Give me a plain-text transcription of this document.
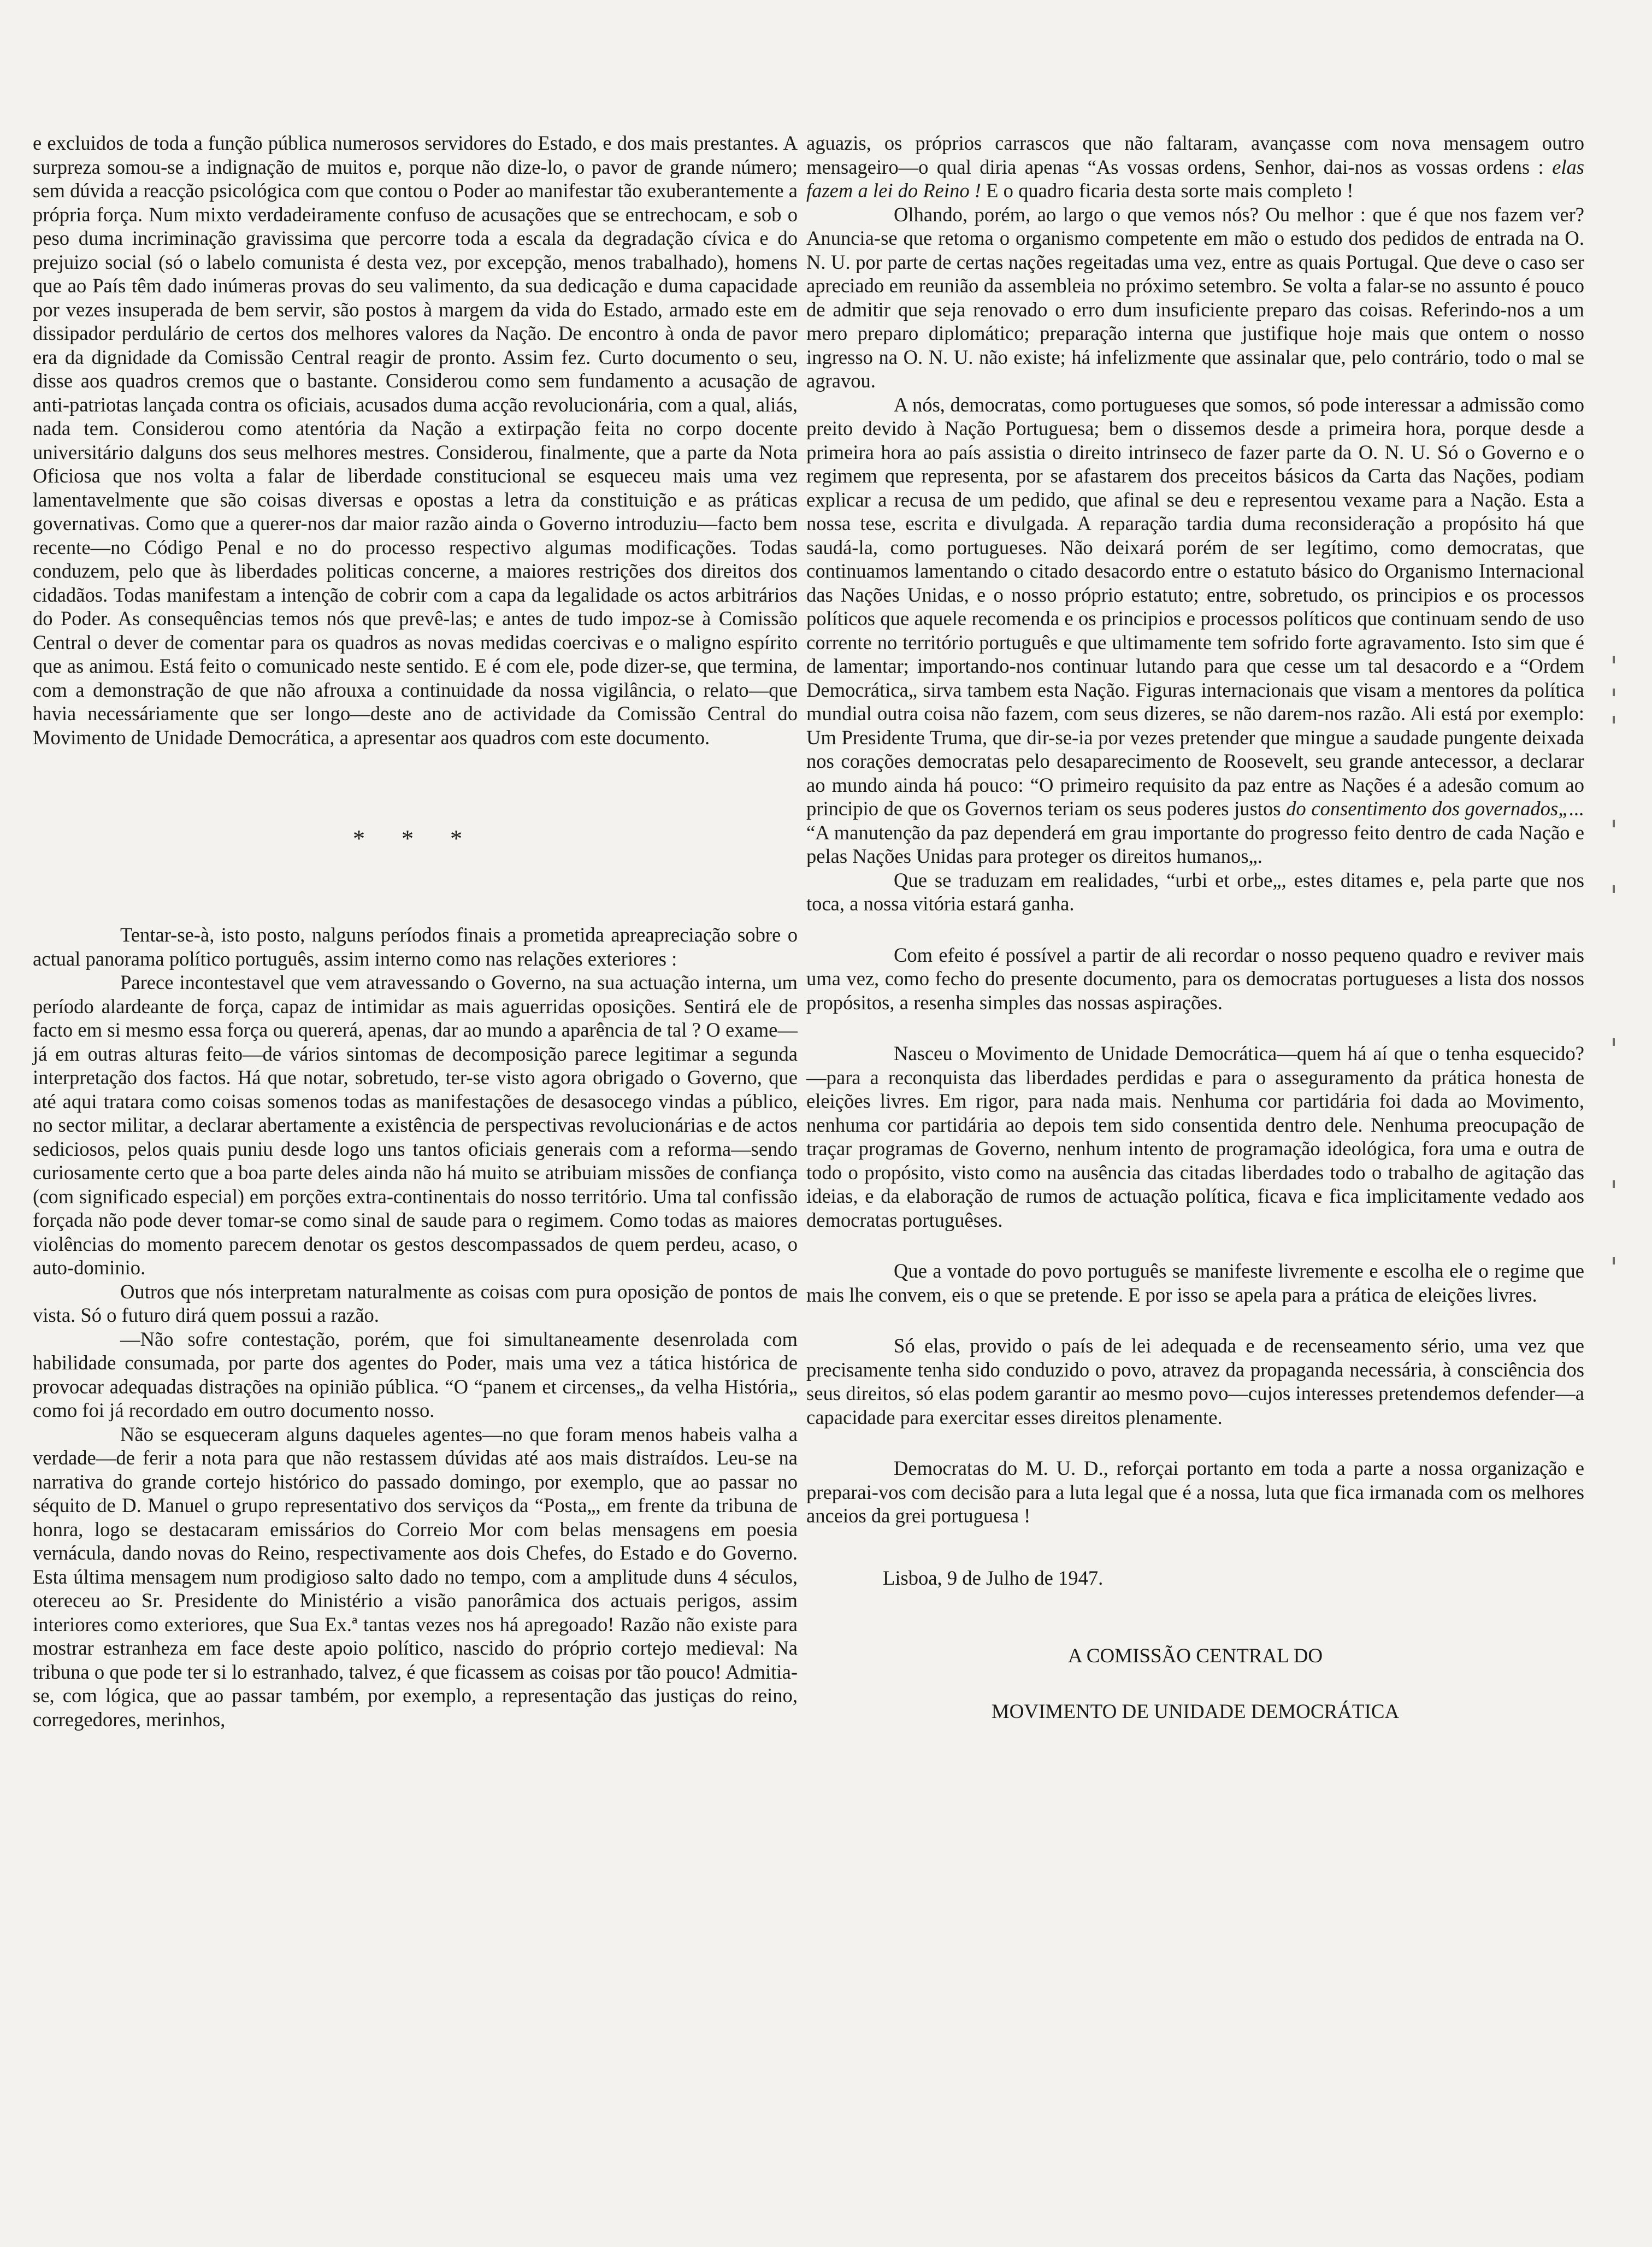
e excluidos de toda a função pública numerosos servidores do Estado, e dos mais prestantes. A surpreza somou-se a indignação de muitos e, porque não dize-lo, o pavor de grande número; sem dúvida a reacção psicológica com que contou o Poder ao manifestar tão exuberantemente a própria força. Num mixto verdadeiramente confuso de acusações que se entrechocam, e sob o peso duma incriminação gravissima que percorre toda a escala da degradação cívica e do prejuizo social (só o labelo comunista é desta vez, por excepção, menos trabalhado), homens que ao País têm dado inúmeras provas do seu valimento, da sua dedicação e duma capacidade por vezes insuperada de bem servir, são postos à margem da vida do Estado, armado este em dissipador perdulário de certos dos melhores valores da Nação. De encontro à onda de pavor era da dignidade da Comissão Central reagir de pronto. Assim fez. Curto documento o seu, disse aos quadros cremos que o bastante. Considerou como sem fundamento a acusação de anti-patriotas lançada contra os oficiais, acusados duma acção revolucionária, com a qual, aliás, nada tem. Considerou como atentória da Nação a extirpação feita no corpo docente universitário dalguns dos seus melhores mestres. Considerou, finalmente, que a parte da Nota Oficiosa que nos volta a falar de liberdade constitucional se esqueceu mais uma vez lamentavelmente que são coisas diversas e opostas a letra da constituição e as práticas governativas. Como que a querer-nos dar maior razão ainda o Governo introduziu—facto bem recente—no Código Penal e no do processo respectivo algumas modificações. Todas conduzem, pelo que às liberdades politicas concerne, a maiores restrições dos direitos dos cidadãos. Todas manifestam a intenção de cobrir com a capa da legalidade os actos arbitrários do Poder. As consequências temos nós que prevê-las; e antes de tudo impoz-se à Comissão Central o dever de comentar para os quadros as novas medidas coercivas e o maligno espírito que as animou. Está feito o comunicado neste sentido. E é com ele, pode dizer-se, que termina, com a demonstração de que não afrouxa a continuidade da nossa vigilância, o relato—que havia necessáriamente que ser longo—deste ano de actividade da Comissão Central do Movimento de Unidade Democrática, a apresentar aos quadros com este documento.

* * *

Tentar-se-à, isto posto, nalguns períodos finais a prometida apreapreciação sobre o actual panorama político português, assim interno como nas relações exteriores :

Parece incontestavel que vem atravessando o Governo, na sua actuação interna, um período alardeante de força, capaz de intimidar as mais aguerridas oposições. Sentirá ele de facto em si mesmo essa força ou quererá, apenas, dar ao mundo a aparência de tal ? O exame—já em outras alturas feito—de vários sintomas de decomposição parece legitimar a segunda interpretação dos factos. Há que notar, sobretudo, ter-se visto agora obrigado o Governo, que até aqui tratara como coisas somenos todas as manifestações de desasocego vindas a público, no sector militar, a declarar abertamente a existência de perspectivas revolucionárias e de actos sediciosos, pelos quais puniu desde logo uns tantos oficiais generais com a reforma—sendo curiosamente certo que a boa parte deles ainda não há muito se atribuiam missões de confiança (com significado especial) em porções extra-continentais do nosso território. Uma tal confissão forçada não pode dever tomar-se como sinal de saude para o regimem. Como todas as maiores violências do momento parecem denotar os gestos descompassados de quem perdeu, acaso, o auto-dominio.

Outros que nós interpretam naturalmente as coisas com pura oposição de pontos de vista. Só o futuro dirá quem possui a razão.

—Não sofre contestação, porém, que foi simultaneamente desenrolada com habilidade consumada, por parte dos agentes do Poder, mais uma vez a tática histórica de provocar adequadas distrações na opinião pública. “O “panem et circenses„ da velha História„ como foi já recordado em outro documento nosso.

Não se esqueceram alguns daqueles agentes—no que foram menos habeis valha a verdade—de ferir a nota para que não restassem dúvidas até aos mais distraídos. Leu-se na narrativa do grande cortejo histórico do passado domingo, por exemplo, que ao passar no séquito de D. Manuel o grupo representativo dos serviços da “Posta„, em frente da tribuna de honra, logo se destacaram emissários do Correio Mor com belas mensagens em poesia vernácula, dando novas do Reino, respectivamente aos dois Chefes, do Estado e do Governo. Esta última mensagem num prodigioso salto dado no tempo, com a amplitude duns 4 séculos, otereceu ao Sr. Presidente do Ministério a visão panorâmica dos actuais perigos, assim interiores como exteriores, que Sua Ex.ª tantas vezes nos há apregoado! Razão não existe para mostrar estranheza em face deste apoio político, nascido do próprio cortejo medieval: Na tribuna o que pode ter si lo estranhado, talvez, é que ficassem as coisas por tão pouco! Admitia-se, com lógica, que ao passar também, por exemplo, a representação das justiças do reino, corregedores, merinhos,

aguazis, os próprios carrascos que não faltaram, avançasse com nova mensagem outro mensageiro—o qual diria apenas “As vossas ordens, Senhor, dai-nos as vossas ordens : elas fazem a lei do Reino ! E o quadro ficaria desta sorte mais completo !

Olhando, porém, ao largo o que vemos nós? Ou melhor : que é que nos fazem ver? Anuncia-se que retoma o organismo competente em mão o estudo dos pedidos de entrada na O. N. U. por parte de certas nações regeitadas uma vez, entre as quais Portugal. Que deve o caso ser apreciado em reunião da assembleia no próximo setembro. Se volta a falar-se no assunto é pouco de admitir que seja renovado o erro dum insuficiente preparo das coisas. Referindo-nos a um mero preparo diplomático; preparação interna que justifique hoje mais que ontem o nosso ingresso na O. N. U. não existe; há infelizmente que assinalar que, pelo contrário, todo o mal se agravou.

A nós, democratas, como portugueses que somos, só pode interessar a admissão como preito devido à Nação Portuguesa; bem o dissemos desde a primeira hora, porque desde a primeira hora ao país assistia o direito intrinseco de fazer parte da O. N. U. Só o Governo e o regimem que representa, por se afastarem dos preceitos básicos da Carta das Nações, podiam explicar a recusa de um pedido, que afinal se deu e representou vexame para a Nação. Esta a nossa tese, escrita e divulgada. A reparação tardia duma reconsideração a propósito há que saudá-la, como portugueses. Não deixará porém de ser legítimo, como democratas, que continuamos lamentando o citado desacordo entre o estatuto básico do Organismo Internacional das Nações Unidas, e o nosso próprio estatuto; entre, sobretudo, os principios e os processos políticos que aquele recomenda e os principios e processos políticos que continuam sendo de uso corrente no território português e que ultimamente tem sofrido forte agravamento. Isto sim que é de lamentar; importando-nos continuar lutando para que cesse um tal desacordo e a “Ordem Democrática„ sirva tambem esta Nação. Figuras internacionais que visam a mentores da política mundial outra coisa não fazem, com seus dizeres, se não darem-nos razão. Ali está por exemplo: Um Presidente Truma, que dir-se-ia por vezes pretender que mingue a saudade pungente deixada nos corações democratas pelo desaparecimento de Roosevelt, seu grande antecessor, a declarar ao mundo ainda há pouco: “O primeiro requisito da paz entre as Nações é a adesão comum ao principio de que os Governos teriam os seus poderes justos do consentimento dos governados„... “A manutenção da paz dependerá em grau importante do progresso feito dentro de cada Nação e pelas Nações Unidas para proteger os direitos humanos„.

Que se traduzam em realidades, “urbi et orbe„, estes ditames e, pela parte que nos toca, a nossa vitória estará ganha.

Com efeito é possível a partir de ali recordar o nosso pequeno quadro e reviver mais uma vez, como fecho do presente documento, para os democratas portugueses a lista dos nossos propósitos, a resenha simples das nossas aspirações.

Nasceu o Movimento de Unidade Democrática—quem há aí que o tenha esquecido?—para a reconquista das liberdades perdidas e para o asseguramento da prática honesta de eleições livres. Em rigor, para nada mais. Nenhuma cor partidária foi dada ao Movimento, nenhuma cor partidária ao depois tem sido consentida dentro dele. Nenhuma preocupação de traçar programas de Governo, nenhum intento de programação ideológica, fora uma e outra de todo o propósito, visto como na ausência das citadas liberdades todo o trabalho de agitação das ideias, e da elaboração de rumos de actuação política, ficava e fica implicitamente vedado aos democratas portuguêses.

Que a vontade do povo português se manifeste livremente e escolha ele o regime que mais lhe convem, eis o que se pretende. E por isso se apela para a prática de eleições livres.

Só elas, provido o país de lei adequada e de recenseamento sério, uma vez que precisamente tenha sido conduzido o povo, atravez da propaganda necessária, à consciência dos seus direitos, só elas podem garantir ao mesmo povo—cujos interesses pretendemos defender—a capacidade para exercitar esses direitos plenamente.

Democratas do M. U. D., reforçai portanto em toda a parte a nossa organização e preparai-vos com decisão para a luta legal que é a nossa, luta que fica irmanada com os melhores anceios da grei portuguesa !

Lisboa, 9 de Julho de 1947.

A COMISSÃO CENTRAL DO

MOVIMENTO DE UNIDADE DEMOCRÁTICA
